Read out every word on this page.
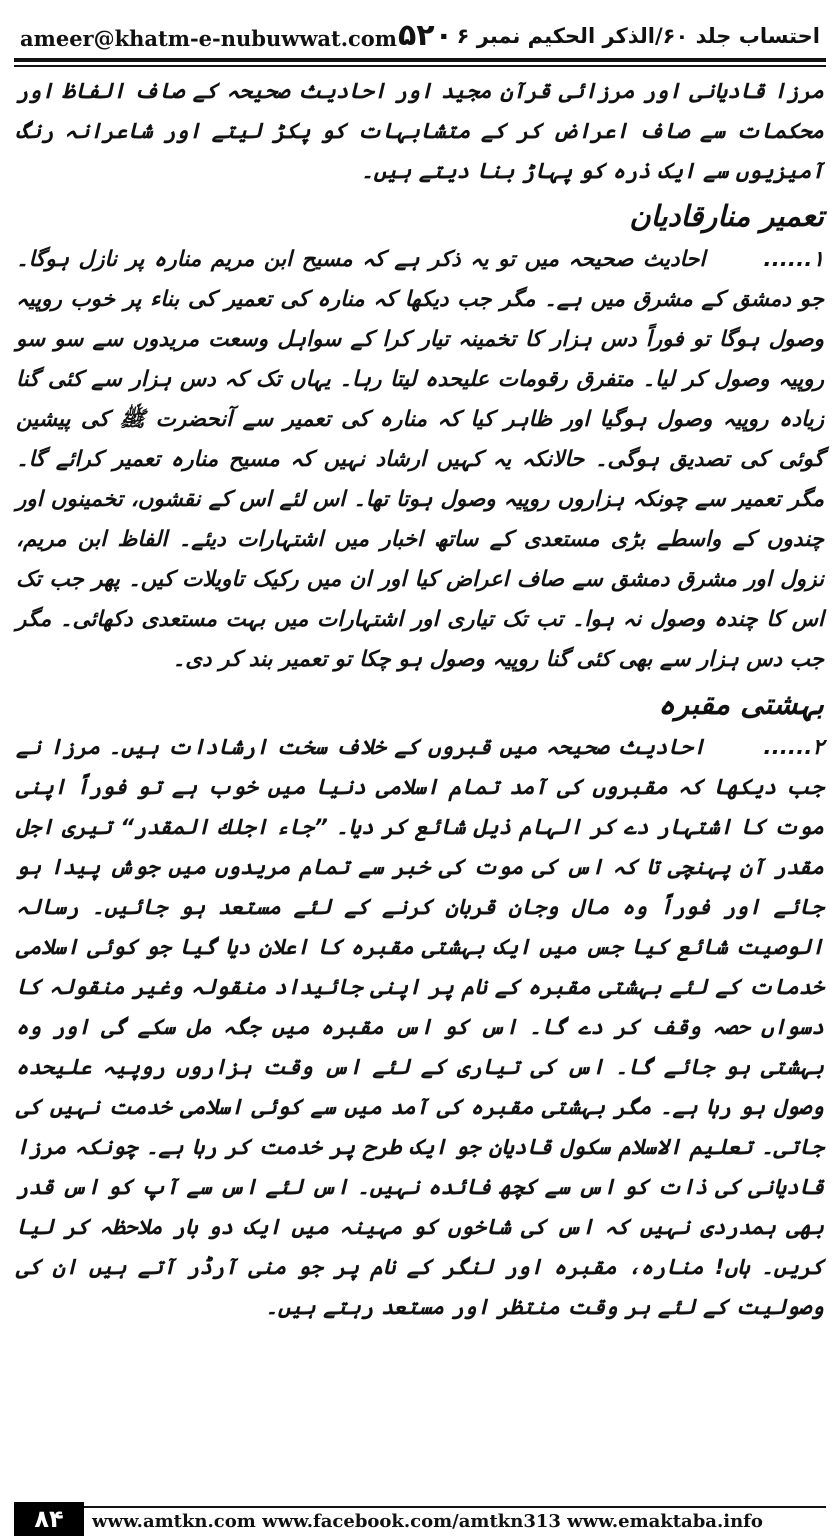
ameer@khatm-e-nubuwwat.com ۵۲۰ احتساب جلد ۶۰/الذکر الحکیم نمبر ۶

مرزا قادیانی اور مرزائی قرآن مجید اور احادیث صحیحہ کے صاف الفاظ اور محکمات سے صاف اعراض کر کے متشابہات کو پکڑ لیتے اور شاعرانہ رنگ آمیزیوں سے ایک ذرہ کو پہاڑ بنا دیتے ہیں۔

تعمیر منارقادیان

۱......احادیث صحیحہ میں تو یہ ذکر ہے کہ مسیح ابن مریم منارہ پر نازل ہوگا۔ جو دمشق کے مشرق میں ہے۔ مگر جب دیکھا کہ منارہ کی تعمیر کی بناء پر خوب روپیہ وصول ہوگا تو فوراً دس ہزار کا تخمینہ تیار کرا کے سواہل وسعت مریدوں سے سو سو روپیہ وصول کر لیا۔ متفرق رقومات علیحدہ لیتا رہا۔ یہاں تک کہ دس ہزار سے کئی گنا زیادہ روپیہ وصول ہوگیا اور ظاہر کیا کہ منارہ کی تعمیر سے آنحضرت ﷺ کی پیشین گوئی کی تصدیق ہوگی۔ حالانکہ یہ کہیں ارشاد نہیں کہ مسیح منارہ تعمیر کرائے گا۔ مگر تعمیر سے چونکہ ہزاروں روپیہ وصول ہوتا تھا۔ اس لئے اس کے نقشوں، تخمینوں اور چندوں کے واسطے بڑی مستعدی کے ساتھ اخبار میں اشتہارات دیئے۔ الفاظ ابن مریم، نزول اور مشرق دمشق سے صاف اعراض کیا اور ان میں رکیک تاویلات کیں۔ پھر جب تک اس کا چندہ وصول نہ ہوا۔ تب تک تیاری اور اشتہارات میں بہت مستعدی دکھائی۔ مگر جب دس ہزار سے بھی کئی گنا روپیہ وصول ہو چکا تو تعمیر بند کر دی۔

بہشتی مقبرہ

۲......احادیث صحیحہ میں قبروں کے خلاف سخت ارشادات ہیں۔ مرزا نے جب دیکھا کہ مقبروں کی آمد تمام اسلامی دنیا میں خوب ہے تو فوراً اپنی موت کا اشتہار دے کر الہام ذیل شائع کر دیا۔ ”جاء اجلك المقدر“ تیری اجل مقدر آن پہنچی تا کہ اس کی موت کی خبر سے تمام مریدوں میں جوش پیدا ہو جائے اور فوراً وہ مال وجان قربان کرنے کے لئے مستعد ہو جائیں۔ رسالہ الوصیت شائع کیا جس میں ایک بہشتی مقبرہ کا اعلان دیا گیا جو کوئی اسلامی خدمات کے لئے بہشتی مقبرہ کے نام پر اپنی جائیداد منقولہ وغیر منقولہ کا دسواں حصہ وقف کر دے گا۔ اس کو اس مقبرہ میں جگہ مل سکے گی اور وہ بہشتی ہو جائے گا۔ اس کی تیاری کے لئے اس وقت ہزاروں روپیہ علیحدہ وصول ہو رہا ہے۔ مگر بہشتی مقبرہ کی آمد میں سے کوئی اسلامی خدمت نہیں کی جاتی۔ تعلیم الاسلام سکول قادیان جو ایک طرح پر خدمت کر رہا ہے۔ چونکہ مرزا قادیانی کی ذات کو اس سے کچھ فائدہ نہیں۔ اس لئے اس سے آپ کو اس قدر بھی ہمدردی نہیں کہ اس کی شاخوں کو مہینہ میں ایک دو بار ملاحظہ کر لیا کریں۔ ہاں! منارہ، مقبرہ اور لنگر کے نام پر جو منی آرڈر آتے ہیں ان کی وصولیت کے لئے ہر وقت منتظر اور مستعد رہتے ہیں۔

۸۴	www.amtkn.com www.facebook.com/amtkn313 www.emaktaba.info
